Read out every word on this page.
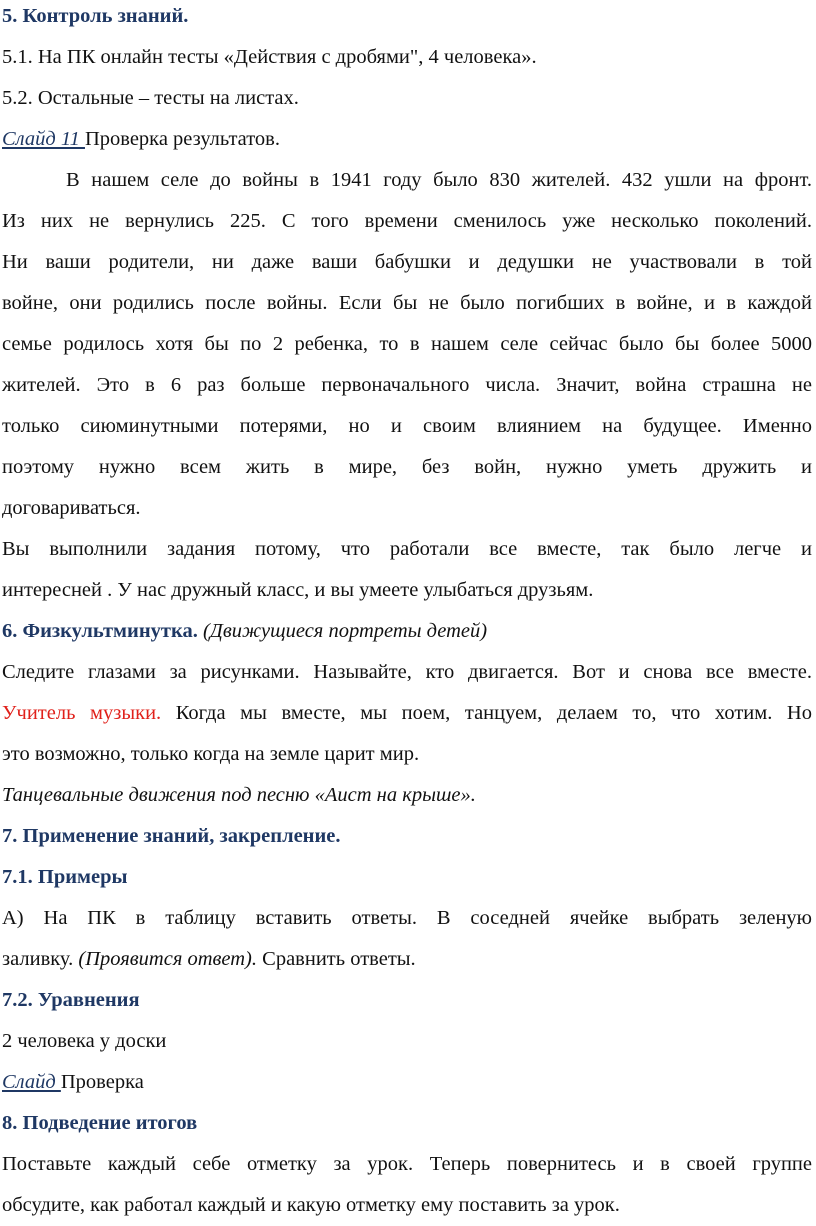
5. Контроль знаний.
5.1. На ПК онлайн тесты «Действия с дробями", 4 человека».
5.2. Остальные – тесты на листах.
Слайд 11 Проверка результатов.
В нашем селе до войны в 1941 году было 830 жителей. 432 ушли на фронт.
Из них не вернулись 225. С того времени сменилось уже несколько поколений.
Ни ваши родители, ни даже ваши бабушки и дедушки не участвовали в той
войне, они родились после войны. Если бы не было погибших в войне, и в каждой
семье родилось хотя бы по 2 ребенка, то в нашем селе сейчас было бы более 5000
жителей. Это в 6 раз больше первоначального числа. Значит, война страшна не
только сиюминутными потерями, но и своим влиянием на будущее. Именно
поэтому нужно всем жить в мире, без войн, нужно уметь дружить и
договариваться.
Вы выполнили задания потому, что работали все вместе, так было легче и
интересней . У нас дружный класс, и вы умеете улыбаться друзьям.
6. Физкультминутка. (Движущиеся портреты детей)
Следите глазами за рисунками. Называйте, кто двигается. Вот и снова все вместе.
Учитель музыки. Когда мы вместе, мы поем, танцуем, делаем то, что хотим. Но
это возможно, только когда на земле царит мир.
Танцевальные движения под песню «Аист на крыше».
7. Применение знаний, закрепление.
7.1. Примеры
А) На ПК в таблицу вставить ответы. В соседней ячейке выбрать зеленую
заливку. (Проявится ответ). Сравнить ответы.
7.2. Уравнения
2 человека у доски
Слайд Проверка
8. Подведение итогов
Поставьте каждый себе отметку за урок. Теперь повернитесь и в своей группе
обсудите, как работал каждый и какую отметку ему поставить за урок.
